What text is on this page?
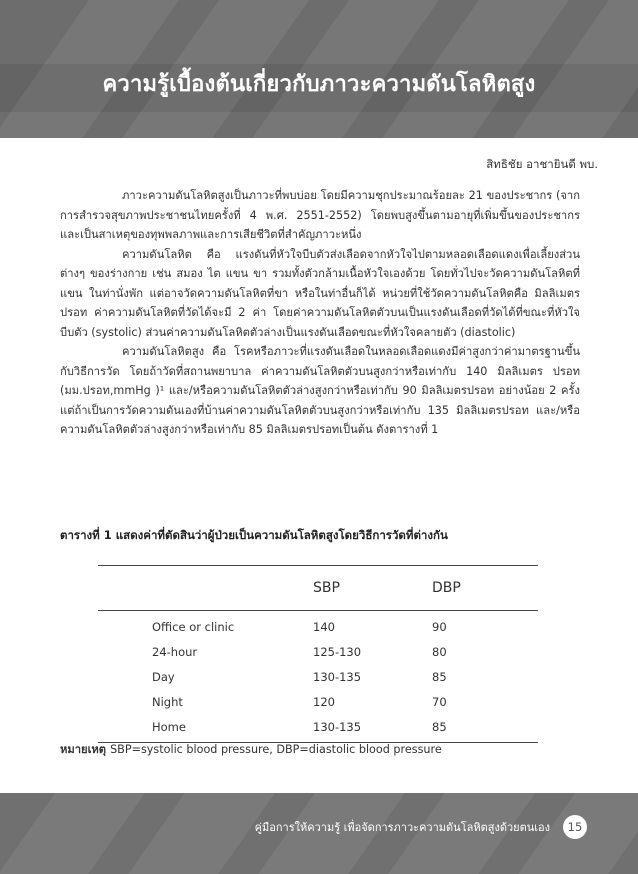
ความรู้เบื้องต้นเกี่ยวกับภาวะความดันโลหิตสูง
สิทธิชัย อาชายินดี พบ.

ภาวะความดันโลหิตสูงเป็นภาวะที่พบบ่อย โดยมีความชุกประมาณร้อยละ 21 ของประชากร (จากการสำรวจสุขภาพประชาชนไทยครั้งที่ 4 พ.ศ. 2551-2552) โดยพบสูงขึ้นตามอายุที่เพิ่มขึ้นของประชากร และเป็นสาเหตุของทุพพลภาพและการเสียชีวิตที่สำคัญภาวะหนึ่ง

ความดันโลหิต คือ แรงดันที่หัวใจบีบตัวส่งเลือดจากหัวใจไปตามหลอดเลือดแดงเพื่อเลี้ยงส่วนต่างๆ ของร่างกาย เช่น สมอง ไต แขน ขา รวมทั้งตัวกล้ามเนื้อหัวใจเองด้วย โดยทั่วไปจะวัดความดันโลหิตที่แขน ในท่านั่งพัก แต่อาจวัดความดันโลหิตที่ขา หรือในท่าอื่นก็ได้ หน่วยที่ใช้วัดความดันโลหิตคือ มิลลิเมตรปรอท ค่าความดันโลหิตที่วัดได้จะมี 2 ค่า โดยค่าความดันโลหิตตัวบนเป็นแรงดันเลือดที่วัดได้ที่ขณะที่หัวใจบีบตัว (systolic) ส่วนค่าความดันโลหิตตัวล่างเป็นแรงดันเลือดขณะที่หัวใจคลายตัว (diastolic)

ความดันโลหิตสูง คือ โรคหรือภาวะที่แรงดันเลือดในหลอดเลือดแดงมีค่าสูงกว่าค่ามาตรฐานขึ้นกับวิธีการวัด โดยถ้าวัดที่สถานพยาบาล ค่าความดันโลหิตตัวบนสูงกว่าหรือเท่ากับ 140 มิลลิเมตร ปรอท (มม.ปรอท,mmHg )¹ และ/หรือความดันโลหิตตัวล่างสูงกว่าหรือเท่ากับ 90 มิลลิเมตรปรอท อย่างน้อย 2 ครั้ง แต่ถ้าเป็นการวัดความดันเองที่บ้านค่าความดันโลหิตตัวบนสูงกว่าหรือเท่ากับ 135 มิลลิเมตรปรอท และ/หรือความดันโลหิตตัวล่างสูงกว่าหรือเท่ากับ 85 มิลลิเมตรปรอทเป็นต้น ดังตารางที่ 1

ตารางที่ 1 แสดงค่าที่ตัดสินว่าผู้ป่วยเป็นความดันโลหิตสูงโดยวิธีการวัดที่ต่างกัน
	SBP	DBP
Office or clinic	140	90
24-hour	125-130	80
Day	130-135	85
Night	120	70
Home	130-135	85
หมายเหตุ SBP=systolic blood pressure, DBP=diastolic blood pressure
คู่มือการให้ความรู้ เพื่อจัดการภาวะความดันโลหิตสูงด้วยตนเอง	15
